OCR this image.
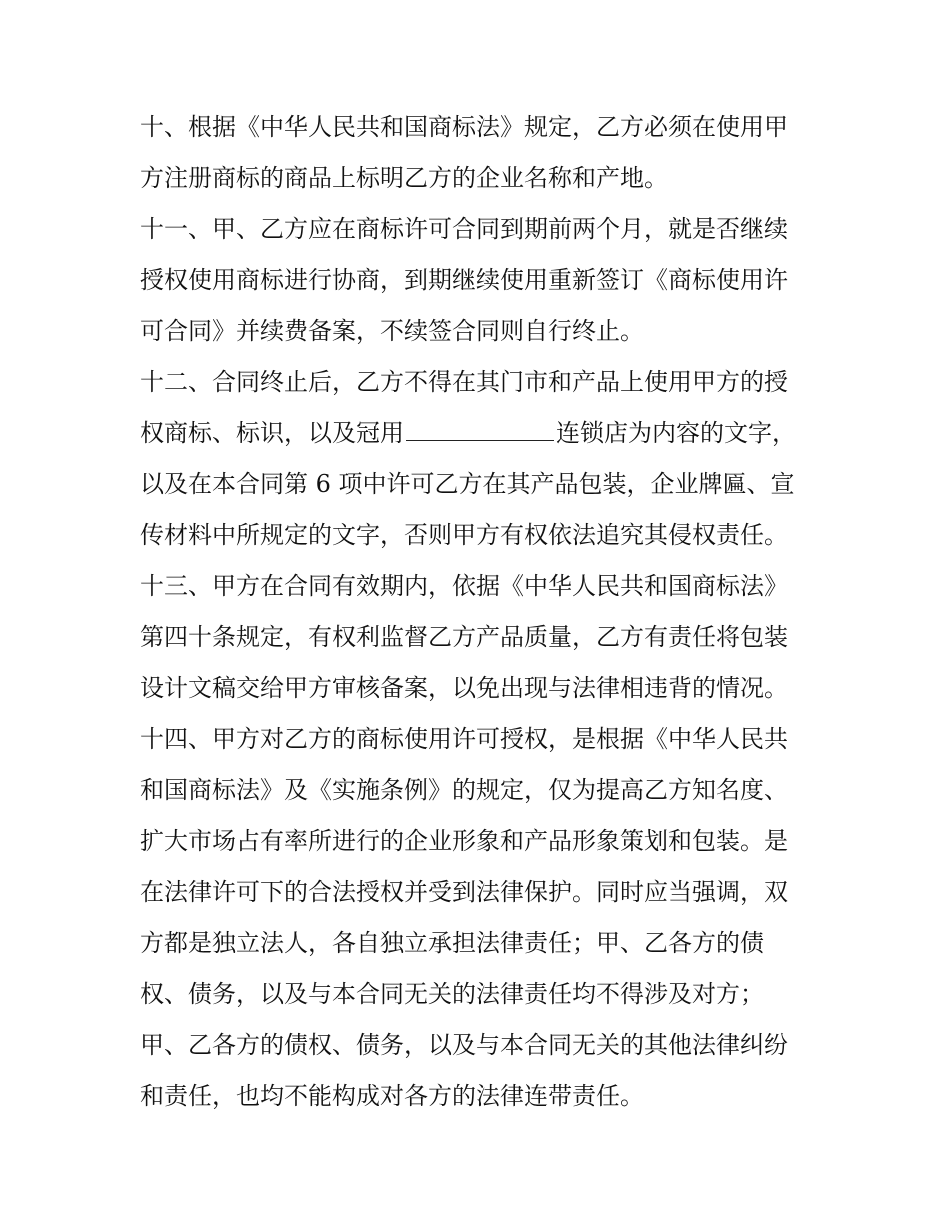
十、根据《中华人民共和国商标法》规定，乙方必须在使用甲
方注册商标的商品上标明乙方的企业名称和产地。

十一、甲、乙方应在商标许可合同到期前两个月，就是否继续
授权使用商标进行协商，到期继续使用重新签订《商标使用许
可合同》并续费备案，不续签合同则自行终止。

十二、合同终止后，乙方不得在其门市和产品上使用甲方的授
权商标、标识，以及冠用	连锁店为内容的文字，
以及在本合同第 6 项中许可乙方在其产品包装，企业牌匾、宣
传材料中所规定的文字，否则甲方有权依法追究其侵权责任。

十三、甲方在合同有效期内，依据《中华人民共和国商标法》
第四十条规定，有权利监督乙方产品质量，乙方有责任将包装
设计文稿交给甲方审核备案，以免出现与法律相违背的情况。

十四、甲方对乙方的商标使用许可授权，是根据《中华人民共
和国商标法》及《实施条例》的规定，仅为提高乙方知名度、
扩大市场占有率所进行的企业形象和产品形象策划和包装。是
在法律许可下的合法授权并受到法律保护。同时应当强调，双
方都是独立法人，各自独立承担法律责任；甲、乙各方的债
权、债务，以及与本合同无关的法律责任均不得涉及对方；
甲、乙各方的债权、债务，以及与本合同无关的其他法律纠纷
和责任，也均不能构成对各方的法律连带责任。
